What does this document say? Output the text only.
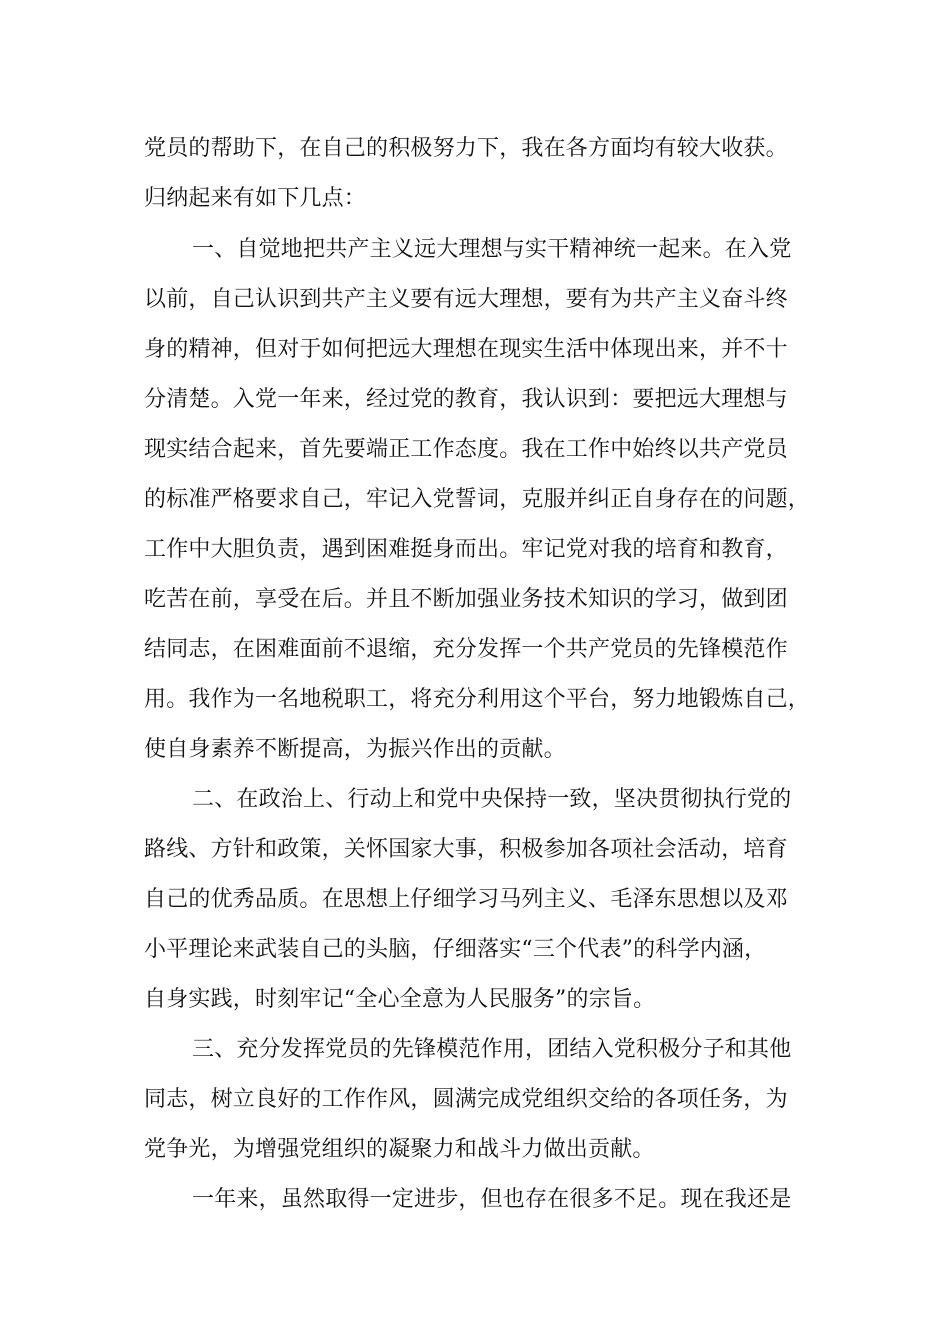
党员的帮助下，在自己的积极努力下，我在各方面均有较大收获。
归纳起来有如下几点：
一、自觉地把共产主义远大理想与实干精神统一起来。在入党
以前，自己认识到共产主义要有远大理想，要有为共产主义奋斗终
身的精神，但对于如何把远大理想在现实生活中体现出来，并不十
分清楚。入党一年来，经过党的教育，我认识到：要把远大理想与
现实结合起来，首先要端正工作态度。我在工作中始终以共产党员
的标准严格要求自己，牢记入党誓词，克服并纠正自身存在的问题，
工作中大胆负责，遇到困难挺身而出。牢记党对我的培育和教育，
吃苦在前，享受在后。并且不断加强业务技术知识的学习，做到团
结同志，在困难面前不退缩，充分发挥一个共产党员的先锋模范作
用。我作为一名地税职工，将充分利用这个平台，努力地锻炼自己，
使自身素养不断提高，为振兴作出的贡献。
二、在政治上、行动上和党中央保持一致，坚决贯彻执行党的
路线、方针和政策，关怀国家大事，积极参加各项社会活动，培育
自己的优秀品质。在思想上仔细学习马列主义、毛泽东思想以及邓
小平理论来武装自己的头脑，仔细落实“三个代表”的科学内涵，
自身实践，时刻牢记“全心全意为人民服务”的宗旨。
三、充分发挥党员的先锋模范作用，团结入党积极分子和其他
同志，树立良好的工作作风，圆满完成党组织交给的各项任务，为
党争光，为增强党组织的凝聚力和战斗力做出贡献。
一年来，虽然取得一定进步，但也存在很多不足。现在我还是
